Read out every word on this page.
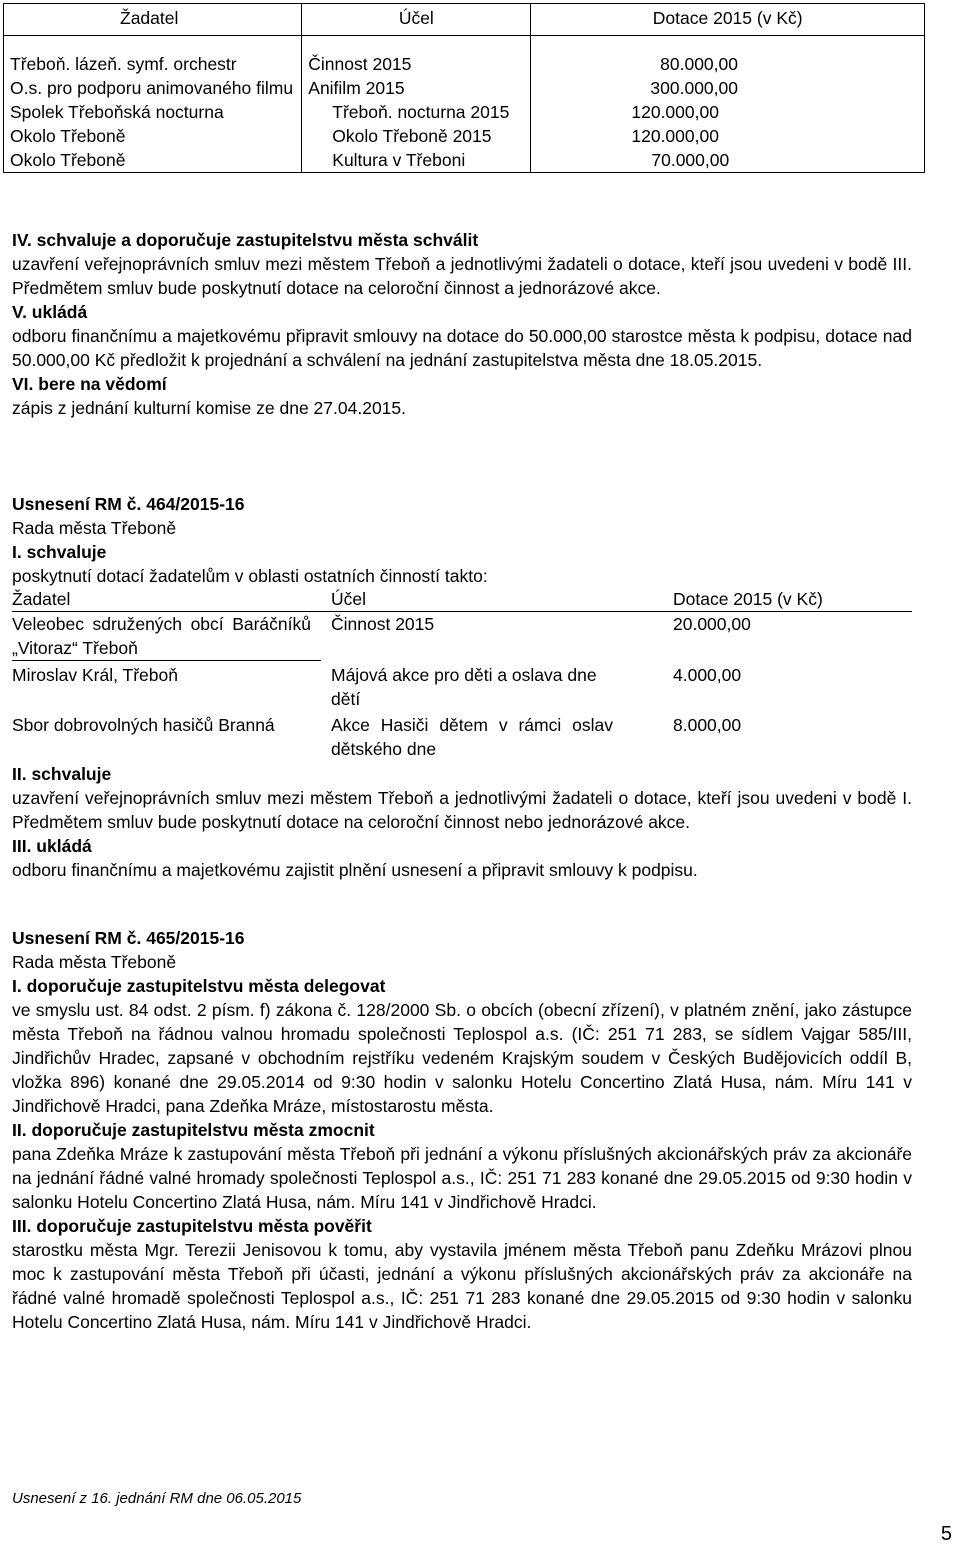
Žadatel	Účel	Dotace 2015 (v Kč)

Třeboň. lázeň. symf. orchestr	Činnost 2015	80.000,00
O.s. pro podporu animovaného filmu	Anifilm 2015	300.000,00
Spolek Třeboňská nocturna	Třeboň. nocturna 2015	120.000,00
Okolo Třeboně	Okolo Třeboně 2015	120.000,00
Okolo Třeboně	Kultura v Třeboni	70.000,00
IV. schvaluje a doporučuje zastupitelstvu města schválit
uzavření veřejnoprávních smluv mezi městem Třeboň a jednotlivými žadateli o dotace, kteří jsou uvedeni v bodě III. Předmětem smluv bude poskytnutí dotace na celoroční činnost a jednorázové akce.
V. ukládá
odboru finančnímu a majetkovému připravit smlouvy na dotace do 50.000,00 starostce města k podpisu, dotace nad 50.000,00 Kč předložit k projednání a schválení na jednání zastupitelstva města dne 18.05.2015.
VI. bere na vědomí
zápis z jednání kulturní komise ze dne 27.04.2015.
Usnesení RM č. 464/2015-16
Rada města Třeboně
I. schvaluje
poskytnutí dotací žadatelům v oblasti ostatních činností takto:
Žadatel	Účel	Dotace 2015 (v Kč)
Veleobec sdružených obcí Baráčníků „Vitoraz“ Třeboň	Činnost 2015	20.000,00
Miroslav Král, Třeboň	Májová akce pro děti a oslava dne dětí	4.000,00
Sbor dobrovolných hasičů Branná	Akce Hasiči dětem v rámci oslav dětského dne	8.000,00
II. schvaluje
uzavření veřejnoprávních smluv mezi městem Třeboň a jednotlivými žadateli o dotace, kteří jsou uvedeni v bodě I. Předmětem smluv bude poskytnutí dotace na celoroční činnost nebo jednorázové akce.
III. ukládá
odboru finančnímu a majetkovému zajistit plnění usnesení a připravit smlouvy k podpisu.
Usnesení RM č. 465/2015-16
Rada města Třeboně
I. doporučuje zastupitelstvu města delegovat
ve smyslu ust. 84 odst. 2 písm. f) zákona č. 128/2000 Sb. o obcích (obecní zřízení), v platném znění, jako zástupce města Třeboň na řádnou valnou hromadu společnosti Teplospol a.s. (IČ: 251 71 283, se sídlem Vajgar 585/III, Jindřichův Hradec, zapsané v obchodním rejstříku vedeném Krajským soudem v Českých Budějovicích oddíl B, vložka 896) konané dne 29.05.2014 od 9:30 hodin v salonku Hotelu Concertino Zlatá Husa, nám. Míru 141 v Jindřichově Hradci, pana Zdeňka Mráze, místostarostu města.
II. doporučuje zastupitelstvu města zmocnit
pana Zdeňka Mráze k zastupování města Třeboň při jednání a výkonu příslušných akcionářských práv za akcionáře na jednání řádné valné hromady společnosti Teplospol a.s., IČ: 251 71 283 konané dne 29.05.2015 od 9:30 hodin v salonku Hotelu Concertino Zlatá Husa, nám. Míru 141 v Jindřichově Hradci.
III. doporučuje zastupitelstvu města pověřit
starostku města Mgr. Terezii Jenisovou k tomu, aby vystavila jménem města Třeboň panu Zdeňku Mrázovi plnou moc k zastupování města Třeboň při účasti, jednání a výkonu příslušných akcionářských práv za akcionáře na řádné valné hromadě společnosti Teplospol a.s., IČ: 251 71 283 konané dne 29.05.2015 od 9:30 hodin v salonku Hotelu Concertino Zlatá Husa, nám. Míru 141 v Jindřichově Hradci.
Usnesení z 16. jednání RM dne 06.05.2015
5
